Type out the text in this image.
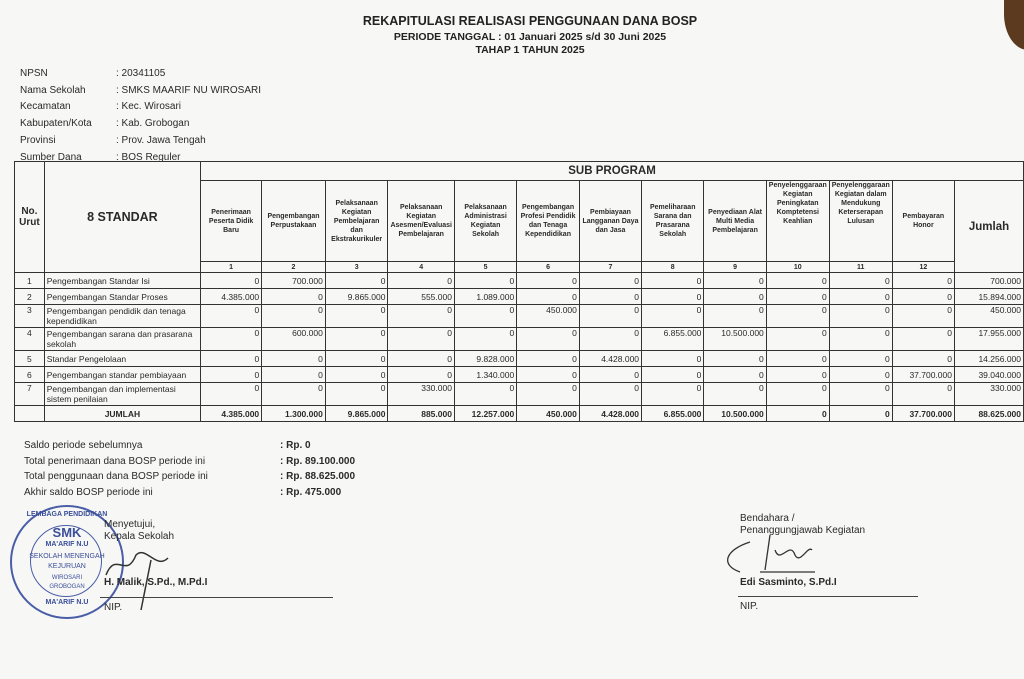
REKAPITULASI REALISASI PENGGUNAAN DANA BOSP
PERIODE TANGGAL : 01 Januari 2025 s/d 30 Juni 2025
TAHAP 1 TAHUN 2025
NPSN	: 20341105
Nama Sekolah	: SMKS MAARIF NU WIROSARI
Kecamatan	: Kec. Wirosari
Kabupaten/Kota	: Kab. Grobogan
Provinsi	: Prov. Jawa Tengah
Sumber Dana	: BOS Reguler
No. Urut	8 STANDAR	SUB PROGRAM												
		Penerimaan Peserta Didik Baru	Pengembangan Perpustakaan	Pelaksanaan Kegiatan Pembelajaran dan Ekstrakurikuler	Pelaksanaan Kegiatan Asesmen/Evaluasi Pembelajaran	Pelaksanaan Administrasi Kegiatan Sekolah	Pengembangan Profesi Pendidik dan Tenaga Kependidikan	Pembiayaan Langganan Daya dan Jasa	Pemeliharaan Sarana dan Prasarana Sekolah	Penyediaan Alat Multi Media Pembelajaran	Penyelenggaraan Kegiatan Peningkatan Komptetensi Keahlian	Penyelenggaraan Kegiatan dalam Mendukung Keterserapan Lulusan	Pembayaran Honor	Jumlah
		1	2	3	4	5	6	7	8	9	10	11	12	
1	Pengembangan Standar Isi	0	700.000	0	0	0	0	0	0	0	0	0	0	700.000
2	Pengembangan Standar Proses	4.385.000	0	9.865.000	555.000	1.089.000	0	0	0	0	0	0	0	15.894.000
3	Pengembangan pendidik dan tenaga kependidikan	0	0	0	0	0	450.000	0	0	0	0	0	0	450.000
4	Pengembangan sarana dan prasarana sekolah	0	600.000	0	0	0	0	0	6.855.000	10.500.000	0	0	0	17.955.000
5	Standar Pengelolaan	0	0	0	0	9.828.000	0	4.428.000	0	0	0	0	0	14.256.000
6	Pengembangan standar pembiayaan	0	0	0	0	1.340.000	0	0	0	0	0	0	37.700.000	39.040.000
7	Pengembangan dan implementasi sistem penilaian	0	0	0	330.000	0	0	0	0	0	0	0	0	330.000
	JUMLAH	4.385.000	1.300.000	9.865.000	885.000	12.257.000	450.000	4.428.000	6.855.000	10.500.000	0	0	37.700.000	88.625.000
Saldo periode sebelumnya	: Rp. 0
Total penerimaan dana BOSP periode ini	: Rp. 89.100.000
Total penggunaan dana BOSP periode ini	: Rp. 88.625.000
Akhir saldo BOSP periode ini	: Rp. 475.000
LEMBAGA PENDIDIKAN
SMK
MA'ARIF N.U
SEKOLAH MENENGAH
KEJURUAN
WIROSARI
GROBOGAN
MA'ARIF N.U
Menyetujui,
Kepala Sekolah
H. Malik, S.Pd., M.Pd.I
NIP.
Bendahara /
Penanggungjawab Kegiatan
Edi Sasminto, S.Pd.I
NIP.
